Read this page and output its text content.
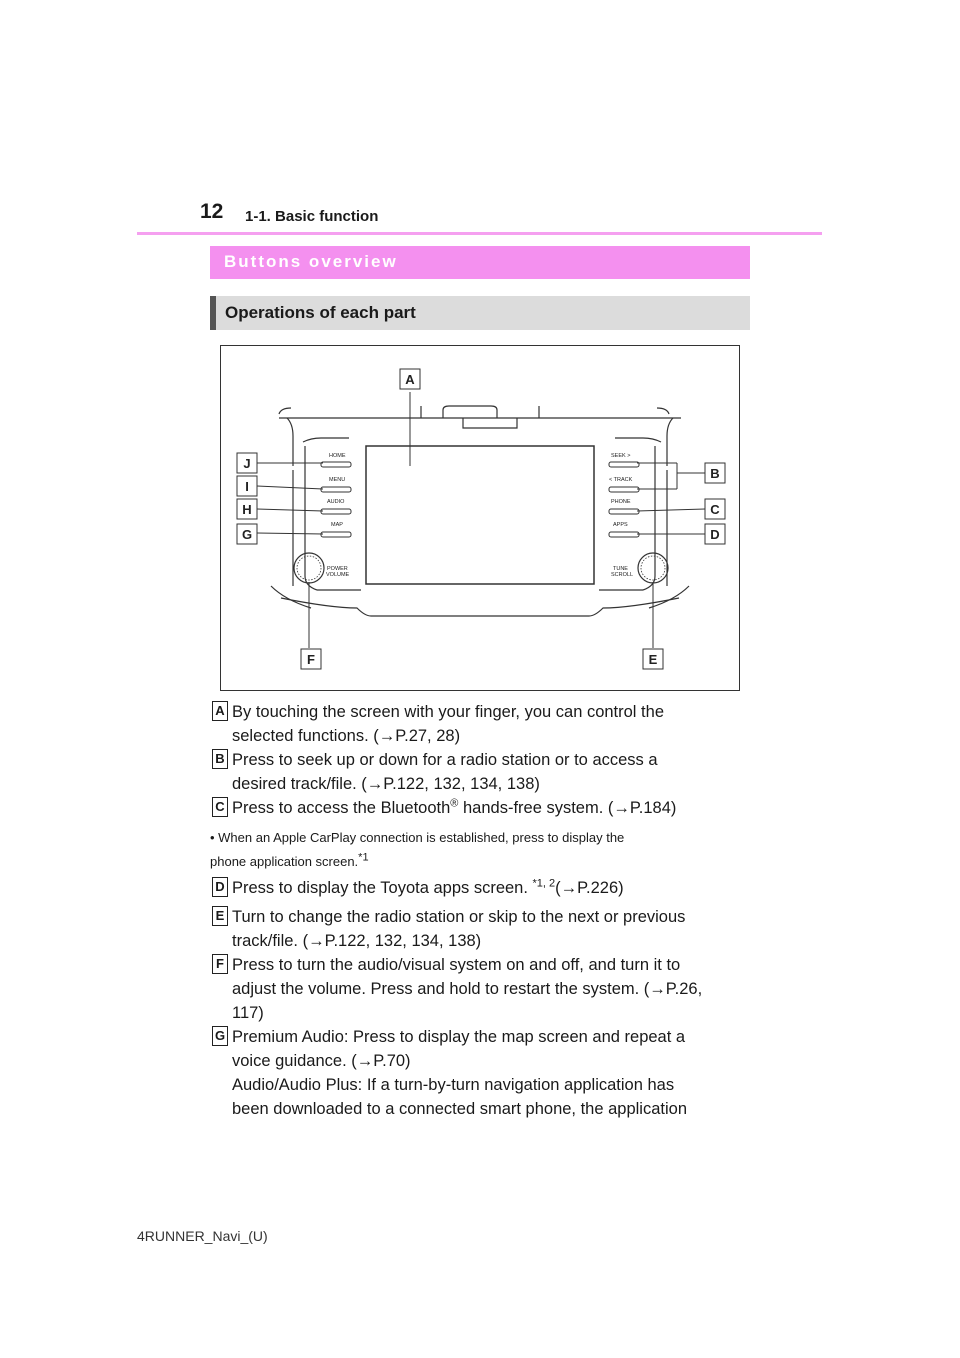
12 1-1. Basic function
Buttons overview
Operations of each part
HOME
MENU
AUDIO
MAP
SEEK >
< TRACK
PHONE
APPS
POWER
VOLUME
TUNE
SCROLL
A
B
C
D
E
F
G
H
I
J
A By touching the screen with your finger, you can control the
selected functions. (→P.27, 28)
B Press to seek up or down for a radio station or to access a
desired track/file. (→P.122, 132, 134, 138)
C Press to access the Bluetooth® hands-free system. (→P.184)
• When an Apple CarPlay connection is established, press to display the
phone application screen.$^{*1}$
D Press to display the Toyota apps screen. $^{*1, 2}$(→P.226)
E Turn to change the radio station or skip to the next or previous
track/file. (→P.122, 132, 134, 138)
F Press to turn the audio/visual system on and off, and turn it to
adjust the volume. Press and hold to restart the system. (→P.26,
117)
G Premium Audio: Press to display the map screen and repeat a
voice guidance. (→P.70)
Audio/Audio Plus: If a turn-by-turn navigation application has
been downloaded to a connected smart phone, the application
4RUNNER_Navi_(U)
